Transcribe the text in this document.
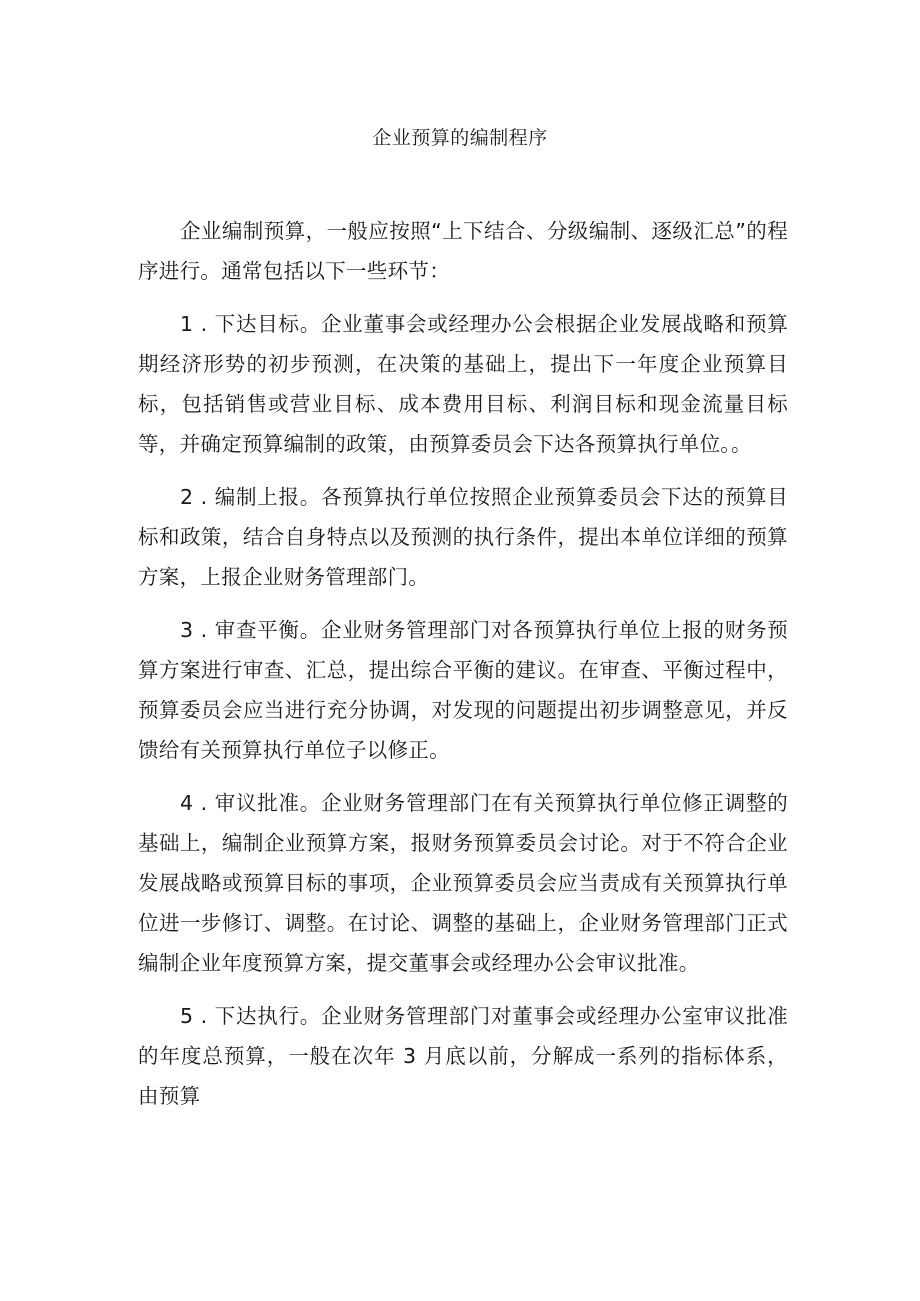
企业预算的编制程序

企业编制预算，一般应按照“上下结合、分级编制、逐级汇总”的程序进行。通常包括以下一些环节：

1 . 下达目标。企业董事会或经理办公会根据企业发展战略和预算期经济形势的初步预测，在决策的基础上，提出下一年度企业预算目标，包括销售或营业目标、成本费用目标、利润目标和现金流量目标等，并确定预算编制的政策，由预算委员会下达各预算执行单位。。

2 . 编制上报。各预算执行单位按照企业预算委员会下达的预算目标和政策，结合自身特点以及预测的执行条件，提出本单位详细的预算方案，上报企业财务管理部门。

3 . 审查平衡。企业财务管理部门对各预算执行单位上报的财务预算方案进行审查、汇总，提出综合平衡的建议。在审查、平衡过程中，预算委员会应当进行充分协调，对发现的问题提出初步调整意见，并反馈给有关预算执行单位子以修正。

4 . 审议批准。企业财务管理部门在有关预算执行单位修正调整的基础上，编制企业预算方案，报财务预算委员会讨论。对于不符合企业发展战略或预算目标的事项，企业预算委员会应当责成有关预算执行单位进一步修订、调整。在讨论、调整的基础上，企业财务管理部门正式编制企业年度预算方案，提交董事会或经理办公会审议批准。

5 . 下达执行。企业财务管理部门对董事会或经理办公室审议批准的年度总预算，一般在次年 3 月底以前，分解成一系列的指标体系，由预算
